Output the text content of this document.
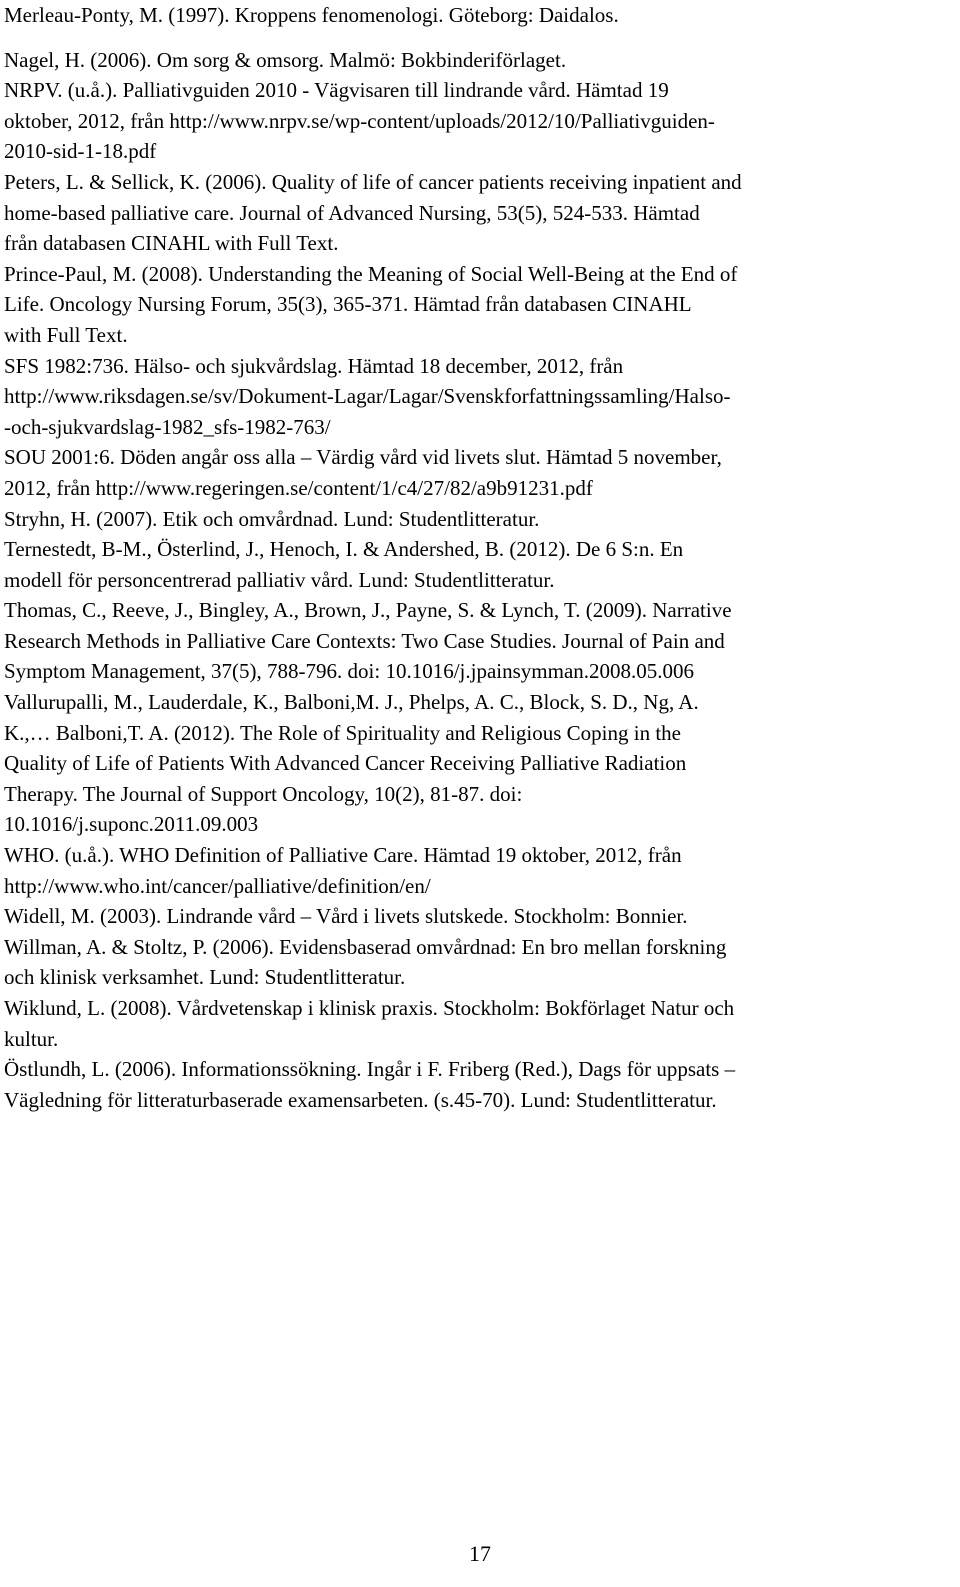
Merleau-Ponty, M. (1997). Kroppens fenomenologi. Göteborg: Daidalos.
Nagel, H. (2006). Om sorg & omsorg. Malmö: Bokbinderiförlaget.
NRPV. (u.å.). Palliativguiden 2010 - Vägvisaren till lindrande vård. Hämtad 19
oktober, 2012, från http://www.nrpv.se/wp-content/uploads/2012/10/Palliativguiden-
2010-sid-1-18.pdf
Peters, L. & Sellick, K. (2006). Quality of life of cancer patients receiving inpatient and
home-based palliative care. Journal of Advanced Nursing, 53(5), 524-533. Hämtad
från databasen CINAHL with Full Text.
Prince-Paul, M. (2008). Understanding the Meaning of Social Well-Being at the End of
Life. Oncology Nursing Forum, 35(3), 365-371. Hämtad från databasen CINAHL
with Full Text.
SFS 1982:736. Hälso- och sjukvårdslag. Hämtad 18 december, 2012, från
http://www.riksdagen.se/sv/Dokument-Lagar/Lagar/Svenskforfattningssamling/Halso-
-och-sjukvardslag-1982_sfs-1982-763/
SOU 2001:6. Döden angår oss alla – Värdig vård vid livets slut. Hämtad 5 november,
2012, från http://www.regeringen.se/content/1/c4/27/82/a9b91231.pdf
Stryhn, H. (2007). Etik och omvårdnad. Lund: Studentlitteratur.
Ternestedt, B-M., Österlind, J., Henoch, I. & Andershed, B. (2012). De 6 S:n. En
modell för personcentrerad palliativ vård. Lund: Studentlitteratur.
Thomas, C., Reeve, J., Bingley, A., Brown, J., Payne, S. & Lynch, T. (2009). Narrative
Research Methods in Palliative Care Contexts: Two Case Studies. Journal of Pain and
Symptom Management, 37(5), 788-796. doi: 10.1016/j.jpainsymman.2008.05.006
Vallurupalli, M., Lauderdale, K., Balboni,M. J., Phelps, A. C., Block, S. D., Ng, A.
K.,… Balboni,T. A. (2012). The Role of Spirituality and Religious Coping in the
Quality of Life of Patients With Advanced Cancer Receiving Palliative Radiation
Therapy. The Journal of Support Oncology, 10(2), 81-87. doi:
10.1016/j.suponc.2011.09.003
WHO. (u.å.). WHO Definition of Palliative Care. Hämtad 19 oktober, 2012, från
http://www.who.int/cancer/palliative/definition/en/
Widell, M. (2003). Lindrande vård – Vård i livets slutskede. Stockholm: Bonnier.
Willman, A. & Stoltz, P. (2006). Evidensbaserad omvårdnad: En bro mellan forskning
och klinisk verksamhet. Lund: Studentlitteratur.
Wiklund, L. (2008). Vårdvetenskap i klinisk praxis. Stockholm: Bokförlaget Natur och
kultur.
Östlundh, L. (2006). Informationssökning. Ingår i F. Friberg (Red.), Dags för uppsats –
Vägledning för litteraturbaserade examensarbeten. (s.45-70). Lund: Studentlitteratur.
17
